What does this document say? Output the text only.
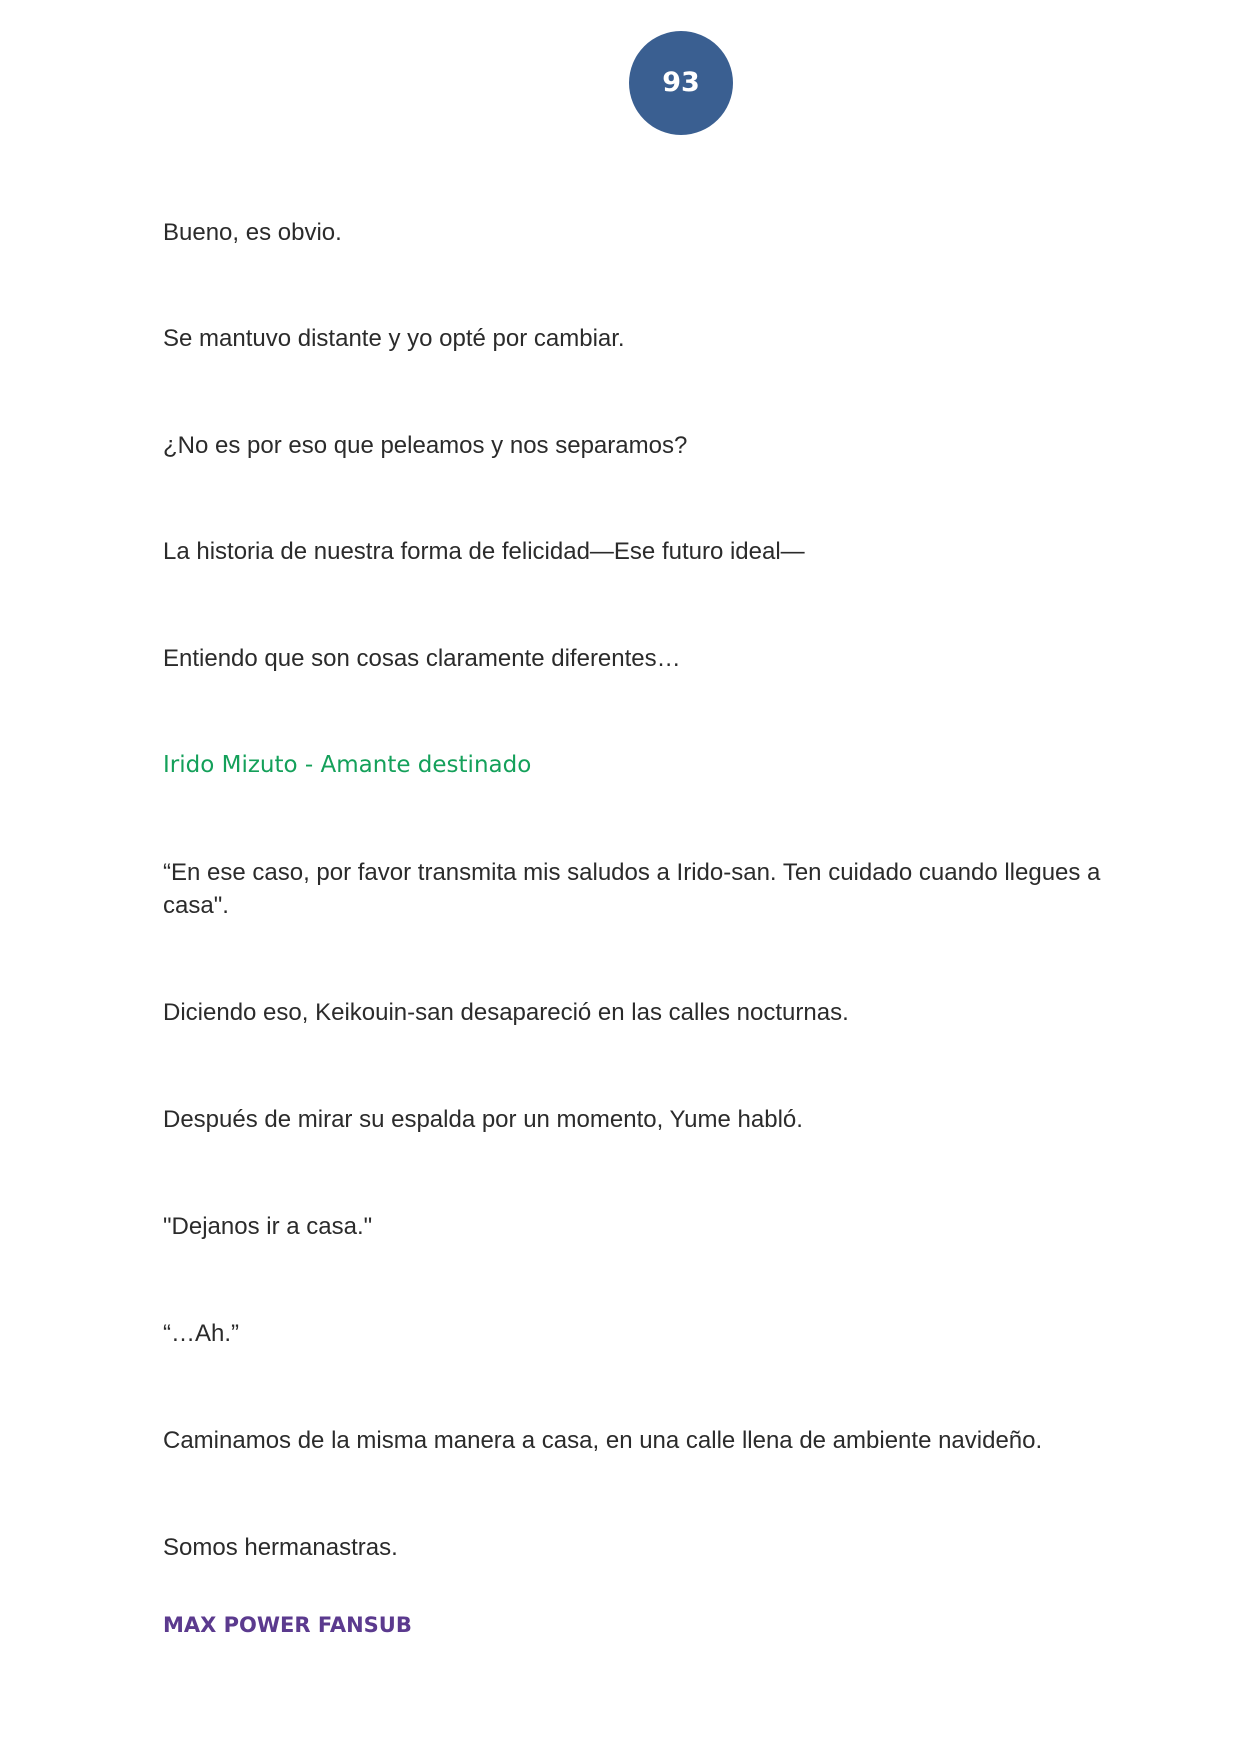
93

Bueno, es obvio.

Se mantuvo distante y yo opté por cambiar.

¿No es por eso que peleamos y nos separamos?

La historia de nuestra forma de felicidad—Ese futuro ideal—

Entiendo que son cosas claramente diferentes…

Irido Mizuto - Amante destinado

“En ese caso, por favor transmita mis saludos a Irido-san. Ten cuidado cuando llegues a casa".

Diciendo eso, Keikouin-san desapareció en las calles nocturnas.

Después de mirar su espalda por un momento, Yume habló.

"Dejanos ir a casa."

“…Ah.”

Caminamos de la misma manera a casa, en una calle llena de ambiente navideño.

Somos hermanastras.

MAX POWER FANSUB
